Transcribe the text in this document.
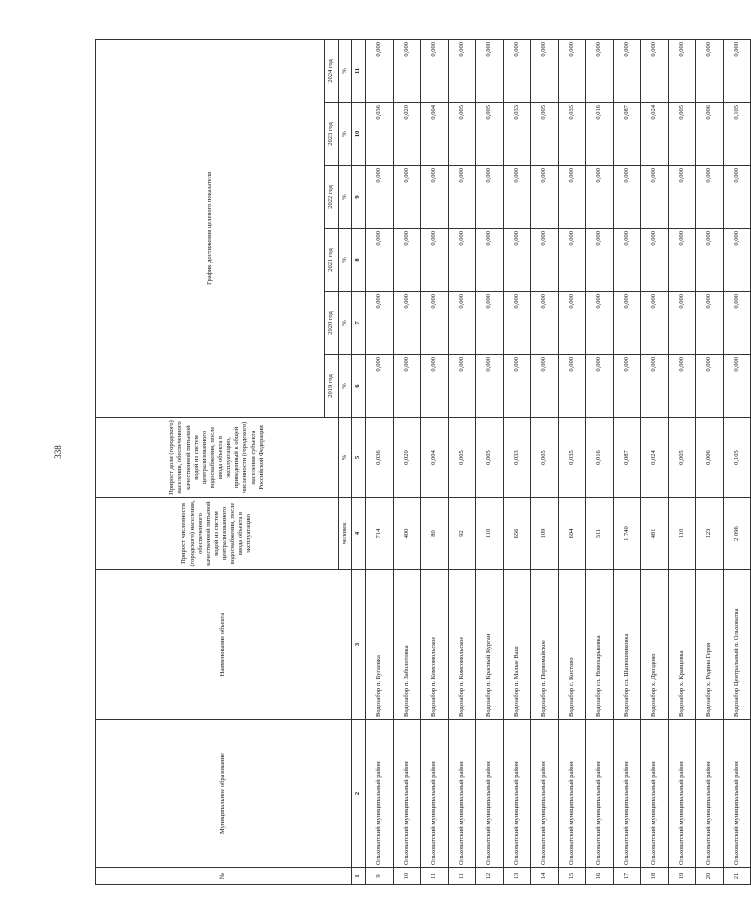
338
№	Муниципальное образование	Наименование объекта	Прирост численности (городского) населения, обеспеченного качественной питьевой водой из систем централизованного водоснабжения, после ввода объекта в эксплуатацию	Прирост доли (городского) населения, обеспеченного качественной питьевой водой из систем централизованного водоснабжения, после ввода объекта в эксплуатацию, приведенный к общей численности (городского) населения субъекта Российской Федерации	График достижения целевого показателя					
					2019 год	2020 год	2021 год	2022 год	2023 год	2024 год
			человек	%	%	%	%	%	%	%
1	2	3	4	5	6	7	8	9	10	11
9	Ольховатский муниципальный район	Водозабор п. Бугаевка	714	0,036	0,000	0,000	0,000	0,000	0,036	0,000
10	Ольховатский муниципальный район	Водозабор п. Заболотовка	400	0,020	0,000	0,000	0,000	0,000	0,020	0,000
11	Ольховатский муниципальный район	Водозабор п. Комсомольское	80	0,004	0,000	0,000	0,000	0,000	0,004	0,000
11	Ольховатский муниципальный район	Водозабор п. Комсомольское	92	0,005	0,000	0,000	0,000	0,000	0,005	0,000
12	Ольховатский муниципальный район	Водозабор п. Красный Курган	110	0,005	0,000	0,000	0,000	0,000	0,005	0,000
13	Ольховатский муниципальный район	Водозабор п. Малые Ваш	656	0,033	0,000	0,000	0,000	0,000	0,033	0,000
14	Ольховатский муниципальный район	Водозабор п. Первомайское	109	0,005	0,000	0,000	0,000	0,000	0,005	0,000
15	Ольховатский муниципальный район	Водозабор с. Костово	694	0,035	0,000	0,000	0,000	0,000	0,035	0,000
16	Ольховатский муниципальный район	Водозабор сл. Новохарьковка	311	0,016	0,000	0,000	0,000	0,000	0,016	0,000
17	Ольховатский муниципальный район	Водозабор сл. Шапошниковка	1 740	0,087	0,000	0,000	0,000	0,000	0,087	0,000
18	Ольховатский муниципальный район	Водозабор х. Дроздово	481	0,024	0,000	0,000	0,000	0,000	0,024	0,000
19	Ольховатский муниципальный район	Водозабор х. Кравцовка	110	0,005	0,000	0,000	0,000	0,000	0,005	0,000
20	Ольховатский муниципальный район	Водозабор х. Родина Героя	123	0,006	0,000	0,000	0,000	0,000	0,006	0,000
21	Ольховатский муниципальный район	Водозабор Центральный п. Ольховатка	2 096	0,105	0,000	0,000	0,000	0,000	0,105	0,000
